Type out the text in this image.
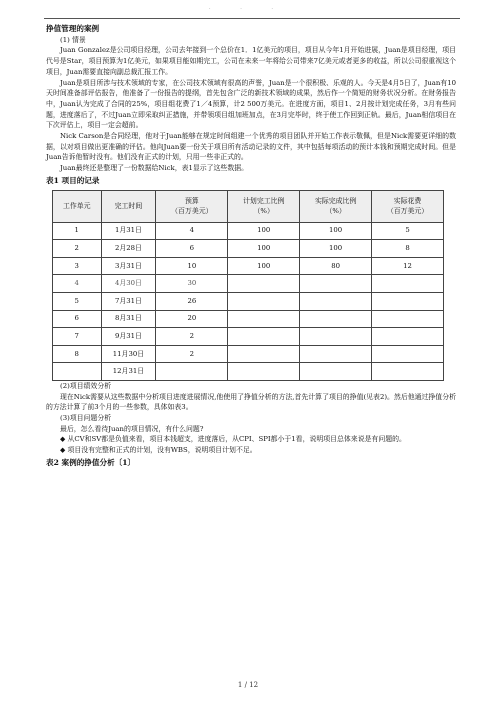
· · ·

挣值管理的案例

(1) 情景

Juan Gonzalez是公司项目经理，公司去年接到一个总价在1．1亿美元的项目，项目从今年1月开始进展，Juan是项目经理，项目代号是Star，项目预算为1亿美元，如果项目能如期完工，公司在未来一年将给公司带来7亿美元或者更多的收益，所以公司很重视这个项目，Juan需要直接向副总裁汇报工作。

Juan是项目所涉与技术领域的专家，在公司技术领域有很高的声誉，Juan是一个很积极、乐观的人。今天是4月5日了，Juan有10天时间准备部评估报告，他准备了一份报告的提纲，首先包含广泛的新技术领域的成果，然后作一个简短的财务状况分析。在财务报告中，Juan认为完成了合同的25%，项目组花费了1／4预算，计2 500万美元。在进度方面，项目1、2月按计划完成任务，3月有些问题，进度落后了，不过Juan立即采取纠正措施，并带领项目组加班加点，在3月完毕时，终于使工作回到正轨。最后，Juan相信项目在下次评估上，项目一定会超前。

Nick Carson是合同经理，他对于Juan能够在规定时间组建一个优秀的项目团队并开始工作表示敬佩，但是Nick需要更详细的数据，以对项目做出更准确的评估。他向Juan要一份关于项目所有活动记录的文件，其中包括每项活动的预计本钱和预期完成时间。但是Juan告诉他暂时没有。他们没有正式的计划，只用一些非正式的。

Juan最终还是整理了一份数据给Nick，表1显示了这些数据。

表1 项目的记录

工作单元	完工时间	预算
（百万美元）	计划完工比例
（%）	实际完成比例
（%）	实际花费
（百万美元）
1	1月31日	4	100	100	5
2	2月28日	6	100	100	8
3	3月31日	10	100	80	12
4	4月30日	30			
5	7月31日	26			
6	8月31日	20			
7	9月31日	2			
8	11月30日	2			
	12月31日				

(2)项目绩效分析

现在Nick需要从这些数据中分析项目进度进展情况,他使用了挣值分析的方法,首先计算了项目的挣值(见表2)。然后他通过挣值分析的方法计算了前3个月的一些参数，具体如表3。

(3)项目问题分析

最后，怎么看待Juan的项目情况，有什么问题?

◆ 从CV和SV都是负值来看，项目本钱超支，进度落后，从CPI、SPI都小于1看，说明项目总体来说是有问题的。

◆ 项目没有完整和正式的计划，没有WBS，说明项目计划不足。

表2 案例的挣值分析〔1〕

1 / 12
